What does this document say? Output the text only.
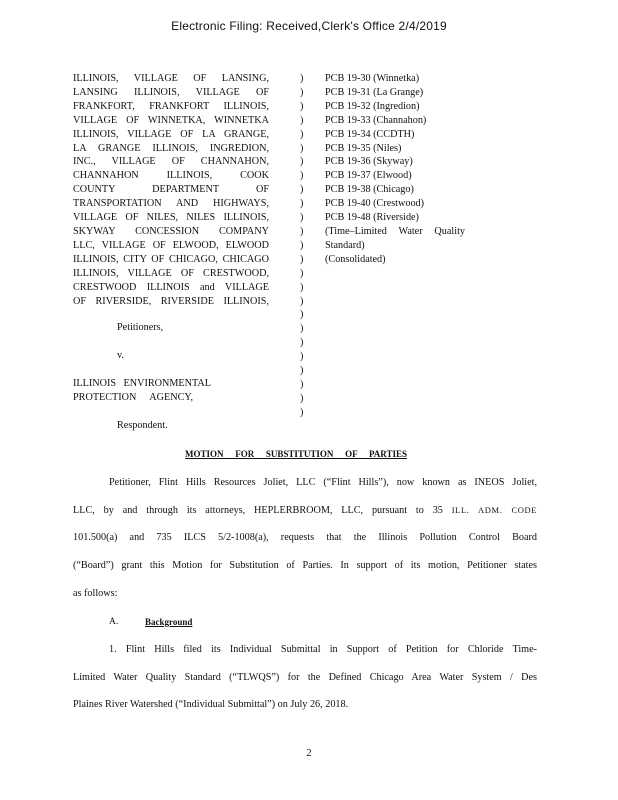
Electronic Filing: Received,Clerk's Office 2/4/2019
ILLINOIS, VILLAGE OF LANSING,
LANSING ILLINOIS, VILLAGE OF
FRANKFORT, FRANKFORT ILLINOIS,
VILLAGE OF WINNETKA, WINNETKA
ILLINOIS, VILLAGE OF LA GRANGE,
LA GRANGE ILLINOIS, INGREDION,
INC., VILLAGE OF CHANNAHON,
CHANNAHON ILLINOIS, COOK
COUNTY DEPARTMENT OF
TRANSPORTATION AND HIGHWAYS,
VILLAGE OF NILES, NILES ILLINOIS,
SKYWAY CONCESSION COMPANY
LLC, VILLAGE OF ELWOOD, ELWOOD
ILLINOIS, CITY OF CHICAGO, CHICAGO
ILLINOIS, VILLAGE OF CRESTWOOD,
CRESTWOOD ILLINOIS and VILLAGE
OF RIVERSIDE, RIVERSIDE ILLINOIS,
)
)
)
)
)
)
)
)
)
)
)
)
)
)
)
)
)
)
)
)
)
)
)
)
)
PCB 19-30 (Winnetka)
PCB 19-31 (La Grange)
PCB 19-32 (Ingredion)
PCB 19-33 (Channahon)
PCB 19-34 (CCDTH)
PCB 19-35 (Niles)
PCB 19-36 (Skyway)
PCB 19-37 (Elwood)
PCB 19-38 (Chicago)
PCB 19-40 (Crestwood)
PCB 19-48 (Riverside)
(Time–Limited Water Quality
Standard)
(Consolidated)
Petitioners,
v.
ILLINOIS ENVIRONMENTAL
PROTECTION AGENCY,
Respondent.
MOTION FOR SUBSTITUTION OF PARTIES
Petitioner, Flint Hills Resources Joliet, LLC (“Flint Hills”), now known as INEOS Joliet,
LLC, by and through its attorneys, HEPLERBROOM, LLC, pursuant to 35 ILL. ADM. CODE
101.500(a) and 735 ILCS 5/2-1008(a), requests that the Illinois Pollution Control Board
(“Board”) grant this Motion for Substitution of Parties. In support of its motion, Petitioner states
as follows:
A.	Background
1. Flint Hills filed its Individual Submittal in Support of Petition for Chloride Time-
Limited Water Quality Standard (“TLWQS”) for the Defined Chicago Area Water System / Des
Plaines River Watershed (“Individual Submittal”) on July 26, 2018.
2
